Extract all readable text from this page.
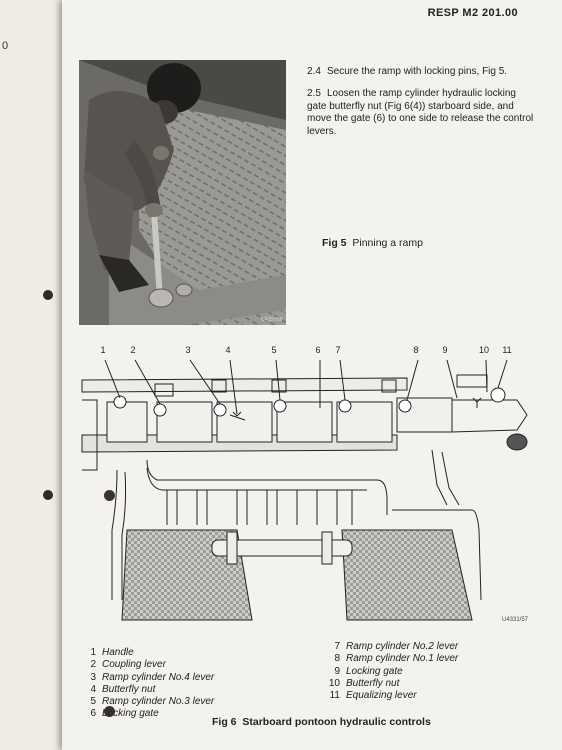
0
RESP M2 201.00
U4337/56
2.4 Secure the ramp with locking pins, Fig 5.
2.5 Loosen the ramp cylinder hydraulic locking gate butterfly nut (Fig 6(4)) starboard side, and move the gate (6) to one side to release the control levers.
Fig 5 Pinning a ramp
1	2	3	4	5	6 7	8	9	10 11
U4331/57
1 Handle
2 Coupling lever
3 Ramp cylinder No.4 lever
4 Butterfly nut
5 Ramp cylinder No.3 lever
6 Locking gate
7 Ramp cylinder No.2 lever
8 Ramp cylinder No.1 lever
9 Locking gate
10 Butterfly nut
11 Equalizing lever
Fig 6 Starboard pontoon hydraulic controls
